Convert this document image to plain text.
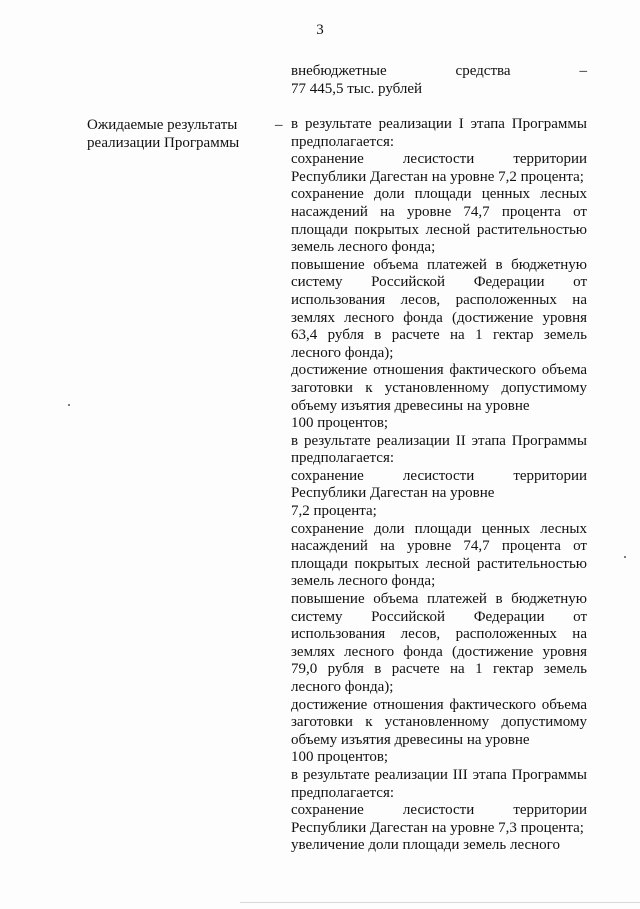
3
внебюджетные	средства	–
77 445,5 тыс. рублей
Ожидаемые результаты реализации Программы
– в результате реализации I этапа Программы предполагается:

сохранение лесистости территории Республики Дагестан на уровне 7,2 процента;

сохранение доли площади ценных лесных насаждений на уровне 74,7 процента от площади покрытых лесной растительностью земель лесного фонда;

повышение объема платежей в бюджетную систему Российской Федерации от использования лесов, расположенных на землях лесного фонда (достижение уровня 63,4 рубля в расчете на 1 гектар земель лесного фонда);

достижение отношения фактического объема заготовки к установленному допустимому объему изъятия древесины на уровне

100 процентов;

в результате реализации II этапа Программы предполагается:

сохранение лесистости территории Республики Дагестан на уровне

7,2 процента;

сохранение доли площади ценных лесных насаждений на уровне 74,7 процента от площади покрытых лесной растительностью земель лесного фонда;

повышение объема платежей в бюджетную систему Российской Федерации от использования лесов, расположенных на землях лесного фонда (достижение уровня 79,0 рубля в расчете на 1 гектар земель лесного фонда);

достижение отношения фактического объема заготовки к установленному допустимому объему изъятия древесины на уровне

100 процентов;

в результате реализации III этапа Программы предполагается:

сохранение лесистости территории Республики Дагестан на уровне 7,3 процента;

увеличение доли площади земель лесного
